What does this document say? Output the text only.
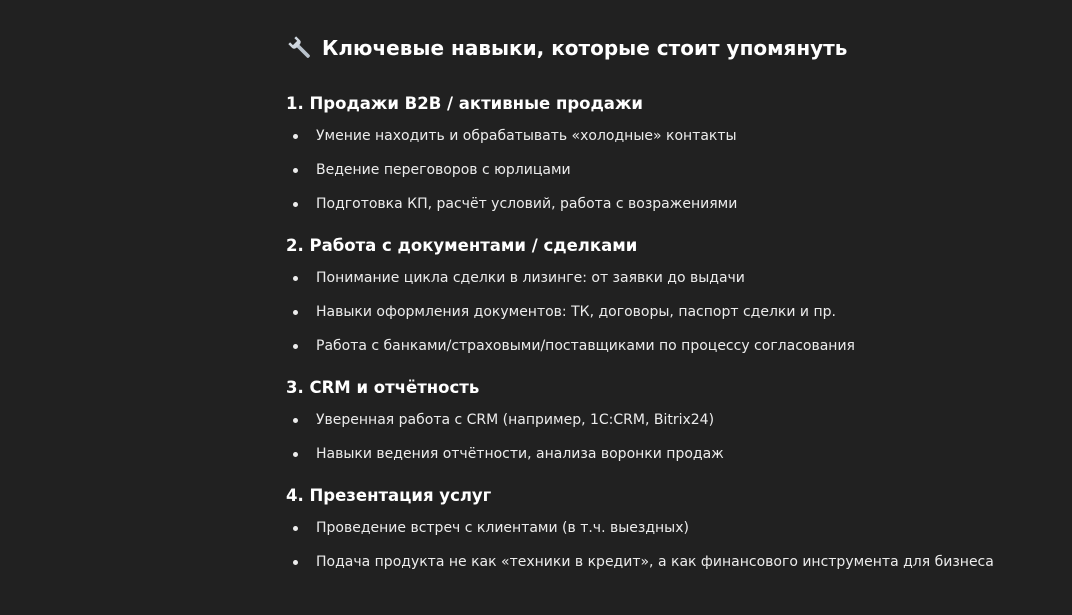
Ключевые навыки, которые стоит упомянуть
1. Продажи B2B / активные продажи
Умение находить и обрабатывать «холодные» контакты
Ведение переговоров с юрлицами
Подготовка КП, расчёт условий, работа с возражениями
2. Работа с документами / сделками
Понимание цикла сделки в лизинге: от заявки до выдачи
Навыки оформления документов: ТК, договоры, паспорт сделки и пр.
Работа с банками/страховыми/поставщиками по процессу согласования
3. CRM и отчётность
Уверенная работа с CRM (например, 1С:CRM, Bitrix24)
Навыки ведения отчётности, анализа воронки продаж
4. Презентация услуг
Проведение встреч с клиентами (в т.ч. выездных)
Подача продукта не как «техники в кредит», а как финансового инструмента для бизнеса
